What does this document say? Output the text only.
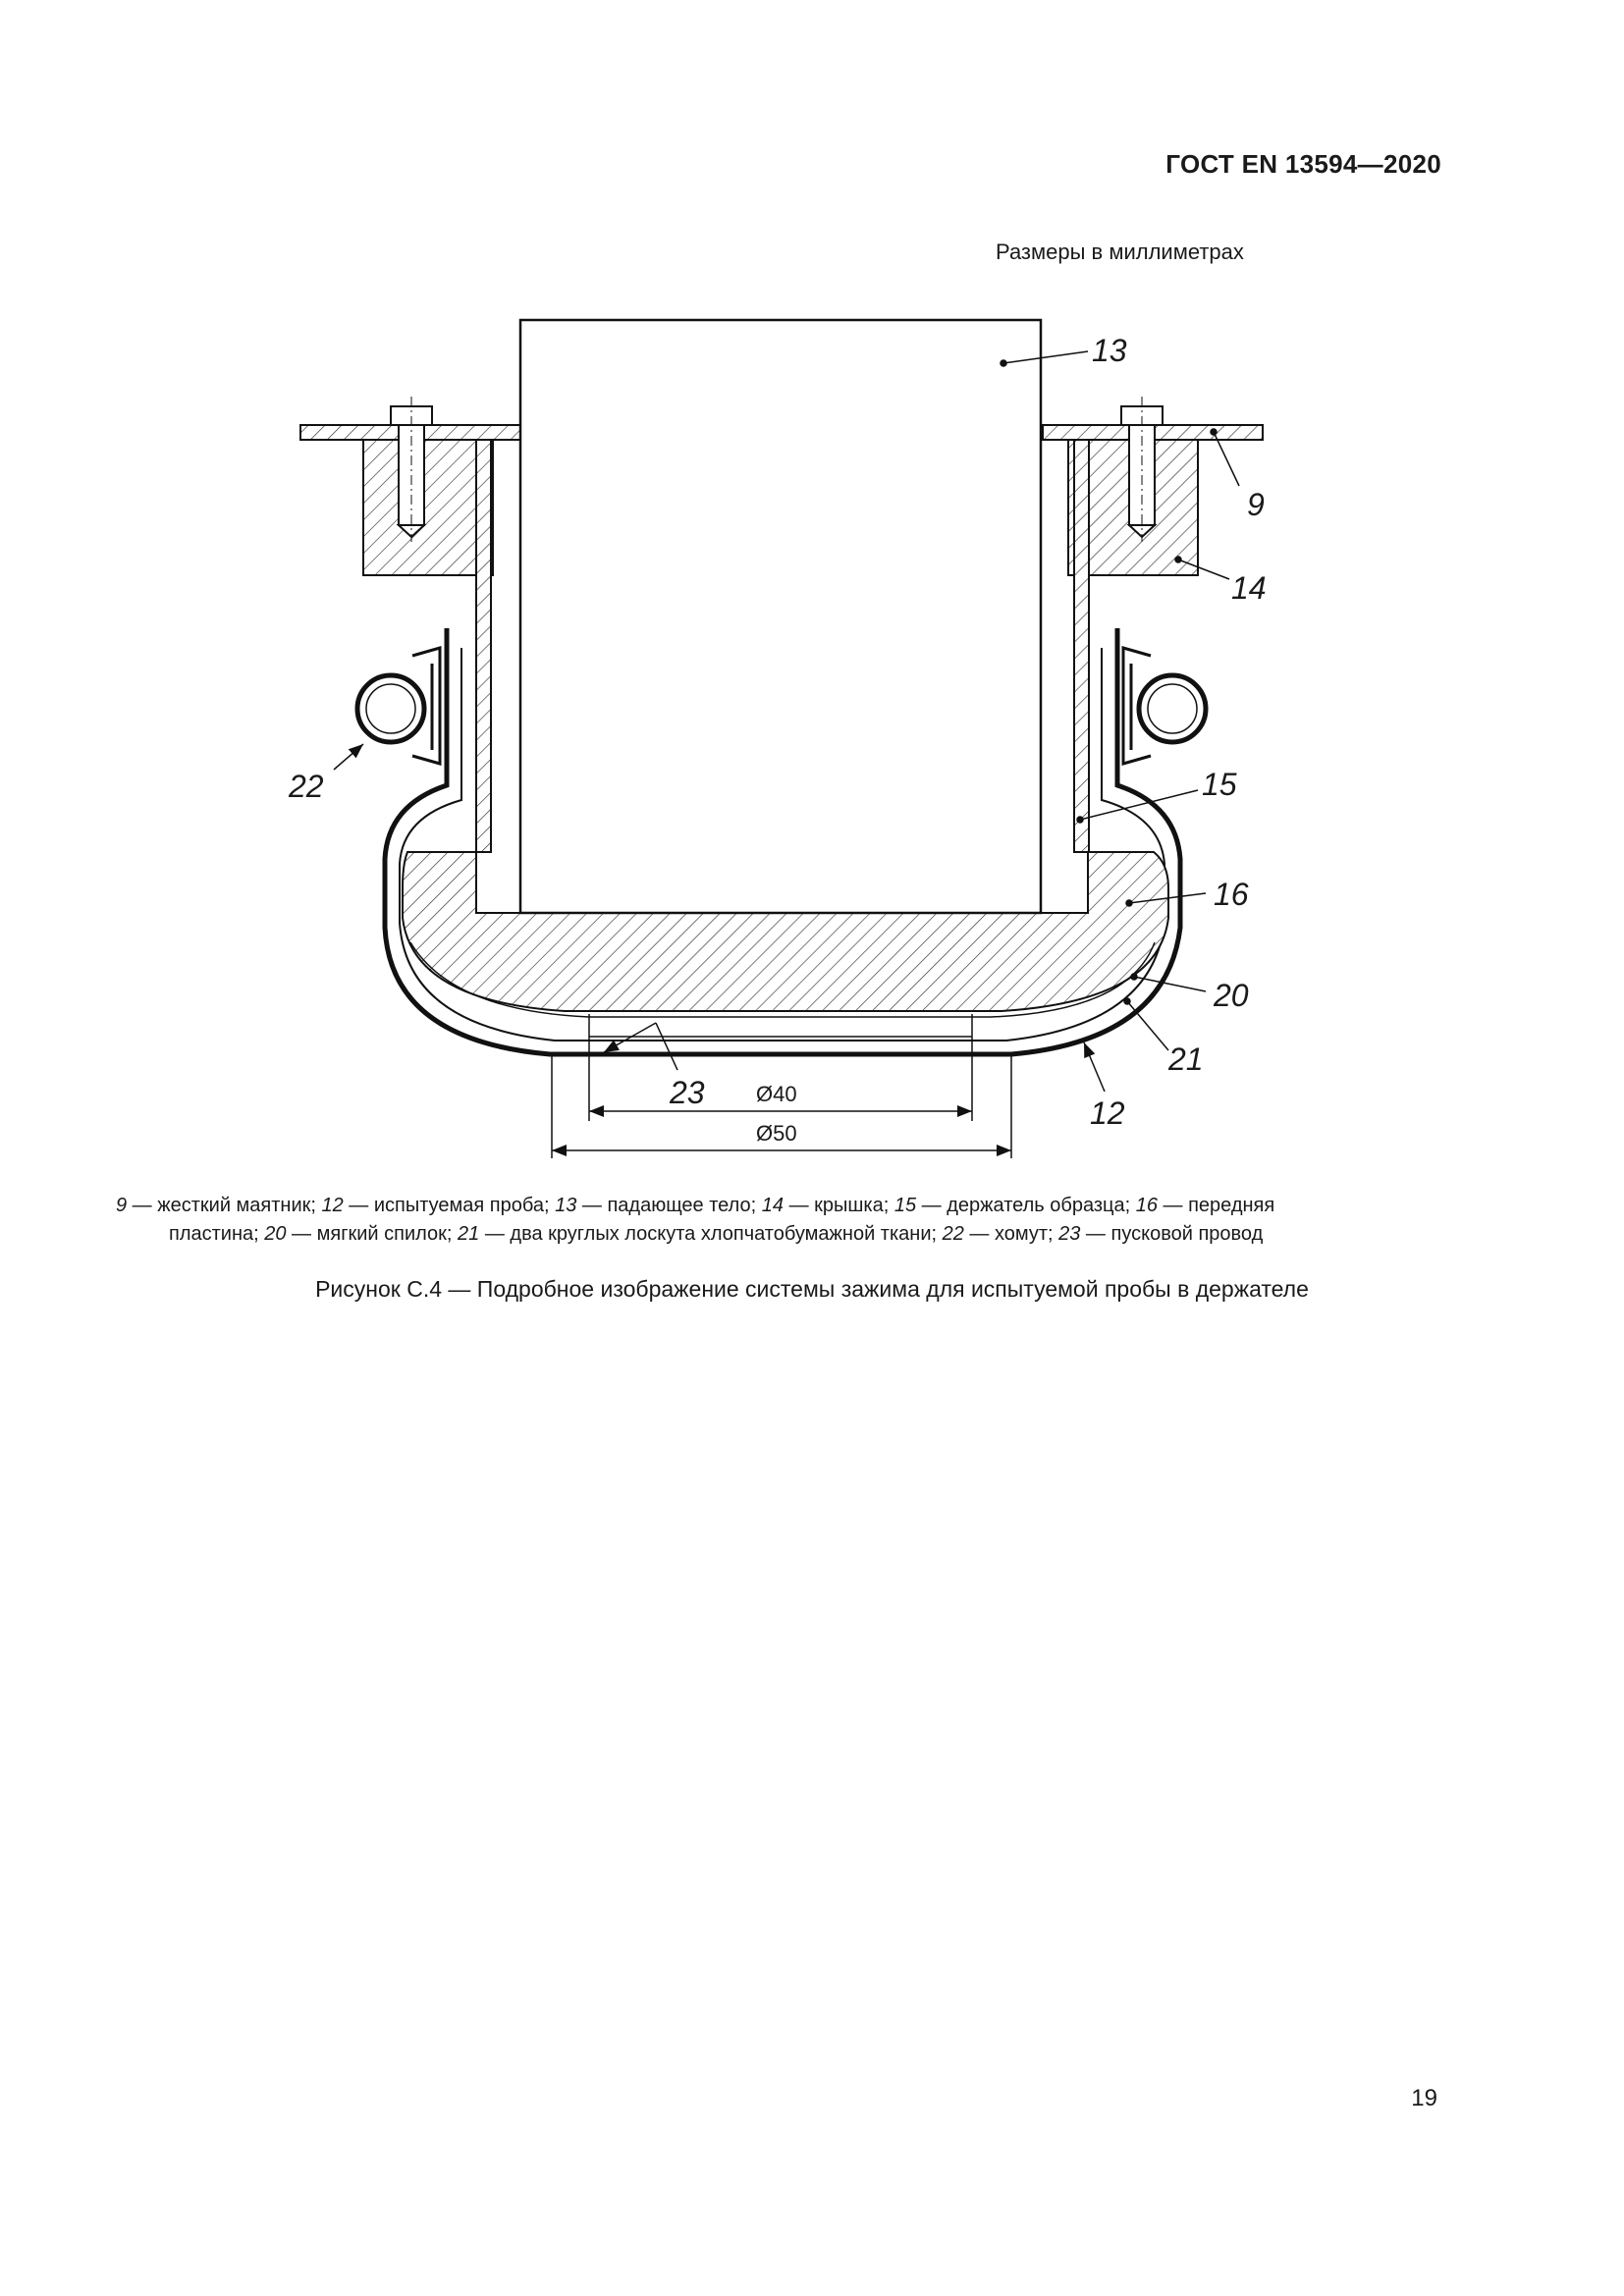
ГОСТ EN 13594—2020
Размеры в миллиметрах
13
9
14
15
16
20
21
12
22
23 Ø40
Ø50
9 — жесткий маятник; 12 — испытуемая проба; 13 — падающее тело; 14 — крышка; 15 — держатель образца; 16 — передняя
пластина; 20 — мягкий спилок; 21 — два круглых лоскута хлопчатобумажной ткани; 22 — хомут; 23 — пусковой провод
Рисунок С.4 — Подробное изображение системы зажима для испытуемой пробы в держателе
19
